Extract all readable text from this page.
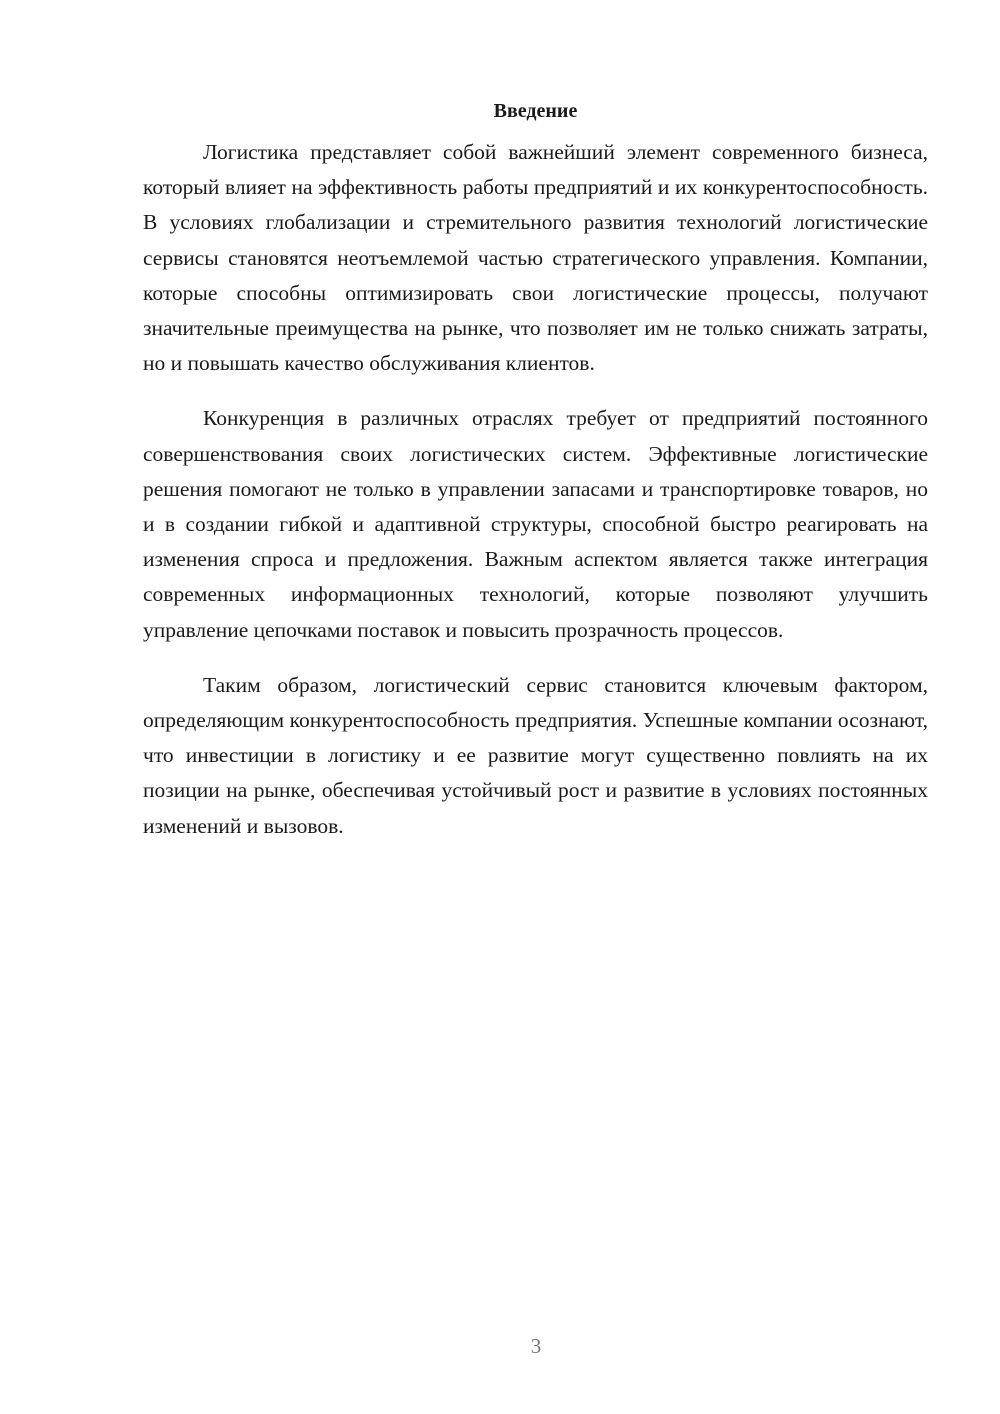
Введение

Логистика представляет собой важнейший элемент современного бизнеса, который влияет на эффективность работы предприятий и их конкурентоспособность. В условиях глобализации и стремительного развития технологий логистические сервисы становятся неотъемлемой частью стратегического управления. Компании, которые способны оптимизировать свои логистические процессы, получают значительные преимущества на рынке, что позволяет им не только снижать затраты, но и повышать качество обслуживания клиентов.

Конкуренция в различных отраслях требует от предприятий постоянного совершенствования своих логистических систем. Эффективные логистические решения помогают не только в управлении запасами и транспортировке товаров, но и в создании гибкой и адаптивной структуры, способной быстро реагировать на изменения спроса и предложения. Важным аспектом является также интеграция современных информационных технологий, которые позволяют улучшить управление цепочками поставок и повысить прозрачность процессов.

Таким образом, логистический сервис становится ключевым фактором, определяющим конкурентоспособность предприятия. Успешные компании осознают, что инвестиции в логистику и ее развитие могут существенно повлиять на их позиции на рынке, обеспечивая устойчивый рост и развитие в условиях постоянных изменений и вызовов.

3
